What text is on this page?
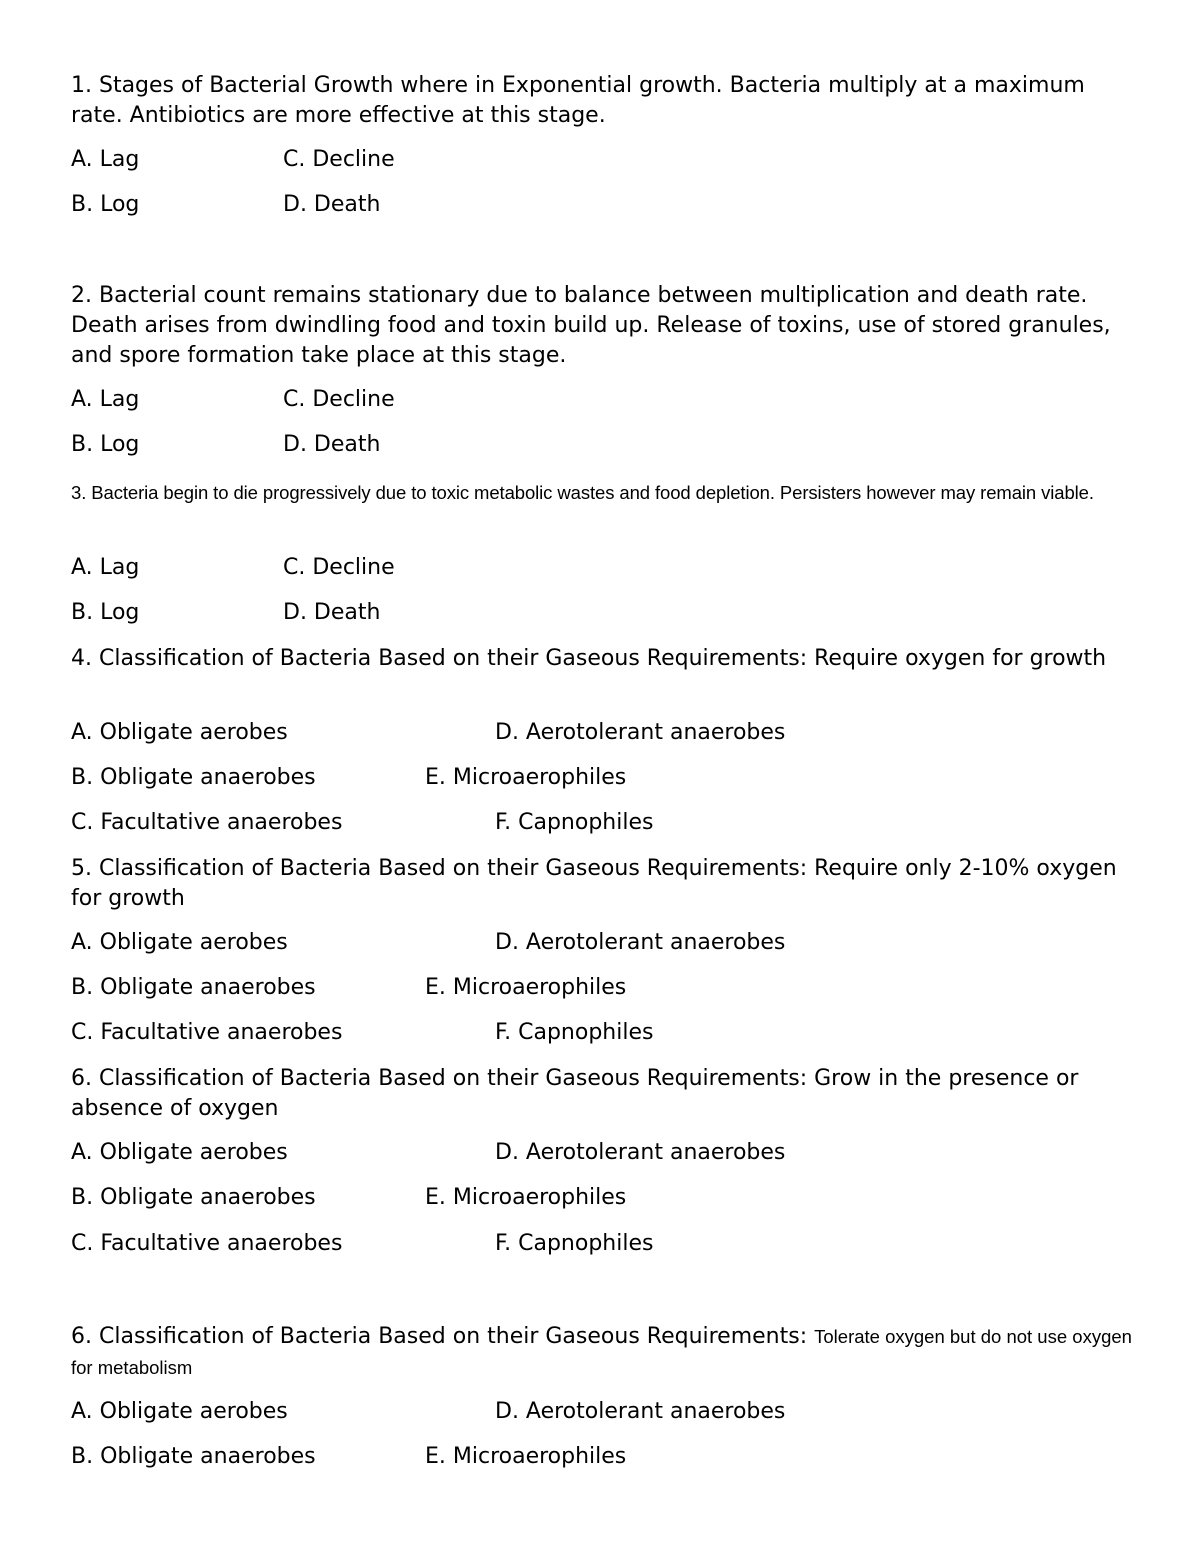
1. Stages of Bacterial Growth where in Exponential growth. Bacteria multiply at a maximum rate. Antibiotics are more effective at this stage.

A. Lag	C. Decline
B. Log	D. Death

2. Bacterial count remains stationary due to balance between multiplication and death rate. Death arises from dwindling food and toxin build up. Release of toxins, use of stored granules, and spore formation take place at this stage.

A. Lag	C. Decline
B. Log	D. Death

3. Bacteria begin to die progressively due to toxic metabolic wastes and food depletion. Persisters however may remain viable.

A. Lag	C. Decline
B. Log	D. Death

4. Classification of Bacteria Based on their Gaseous Requirements: Require oxygen for growth

A. Obligate aerobes	D. Aerotolerant anaerobes
B. Obligate anaerobes	E. Microaerophiles
C. Facultative anaerobes	F. Capnophiles

5. Classification of Bacteria Based on their Gaseous Requirements: Require only 2-10% oxygen for growth

A. Obligate aerobes	D. Aerotolerant anaerobes
B. Obligate anaerobes	E. Microaerophiles
C. Facultative anaerobes	F. Capnophiles

6. Classification of Bacteria Based on their Gaseous Requirements: Grow in the presence or absence of oxygen

A. Obligate aerobes	D. Aerotolerant anaerobes
B. Obligate anaerobes	E. Microaerophiles
C. Facultative anaerobes	F. Capnophiles

6. Classification of Bacteria Based on their Gaseous Requirements: Tolerate oxygen but do not use oxygen for metabolism

A. Obligate aerobes	D. Aerotolerant anaerobes
B. Obligate anaerobes	E. Microaerophiles
